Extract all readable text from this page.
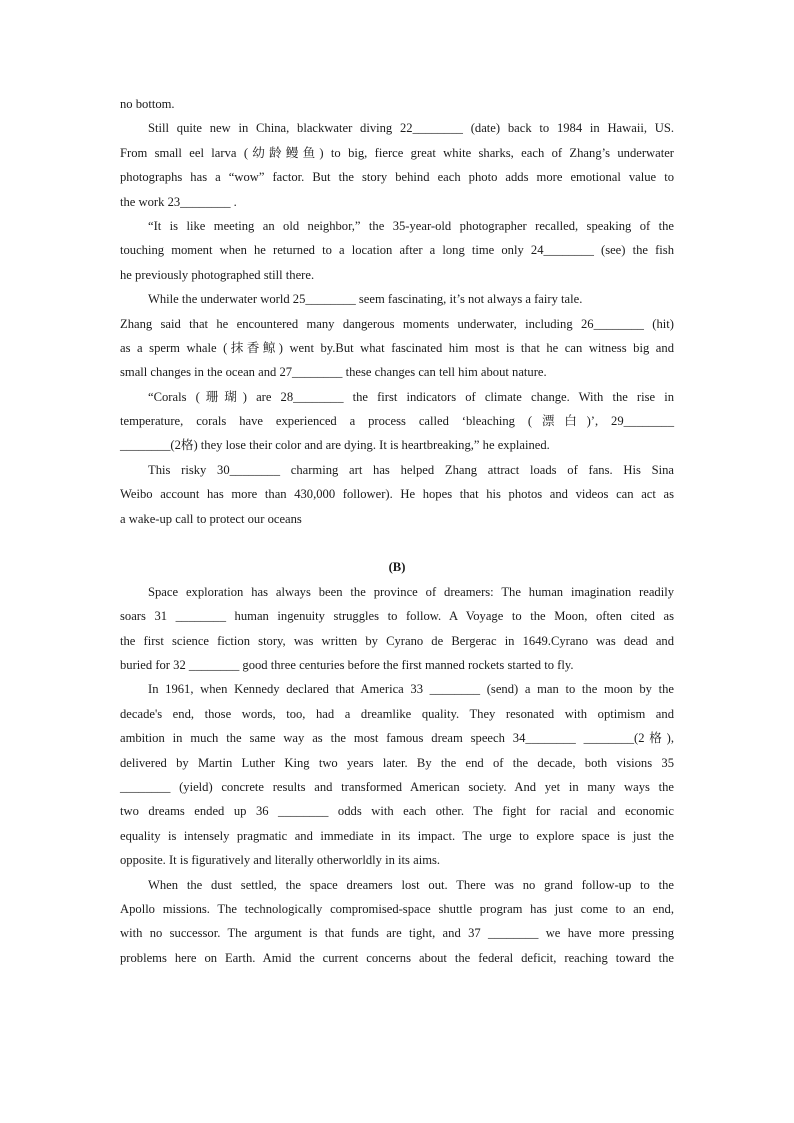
no bottom.
Still quite new in China, blackwater diving 22________ (date) back to 1984 in Hawaii, US.
From small eel larva (幼龄鳗鱼) to big, fierce great white sharks, each of Zhang’s underwater
photographs has a “wow” factor. But the story behind each photo adds more emotional value to
the work 23________ .
“It is like meeting an old neighbor,” the 35-year-old photographer recalled, speaking of the
touching moment when he returned to a location after a long time only 24________ (see) the fish
he previously photographed still there.
While the underwater world 25________ seem fascinating, it’s not always a fairy tale.
Zhang said that he encountered many dangerous moments underwater, including 26________ (hit)
as a sperm whale (抹香鲸) went by.But what fascinated him most is that he can witness big and
small changes in the ocean and 27________ these changes can tell him about nature.
“Corals (珊瑚) are 28________ the first indicators of climate change. With the rise in
temperature, corals have experienced a process called ‘bleaching (漂白)’, 29________
________(2格) they lose their color and are dying. It is heartbreaking,” he explained.
This risky 30________ charming art has helped Zhang attract loads of fans. His Sina
Weibo account has more than 430,000 follower). He hopes that his photos and videos can act as
a wake-up call to protect our oceans
(B)
Space exploration has always been the province of dreamers: The human imagination readily
soars 31 ________ human ingenuity struggles to follow. A Voyage to the Moon, often cited as
the first science fiction story, was written by Cyrano de Bergerac in 1649.Cyrano was dead and
buried for 32 ________ good three centuries before the first manned rockets started to fly.
In 1961, when Kennedy declared that America 33 ________ (send) a man to the moon by the
decade's end, those words, too, had a dreamlike quality. They resonated with optimism and
ambition in much the same way as the most famous dream speech 34________ ________(2格),
delivered by Martin Luther King two years later. By the end of the decade, both visions 35
________ (yield) concrete results and transformed American society. And yet in many ways the
two dreams ended up 36 ________ odds with each other. The fight for racial and economic
equality is intensely pragmatic and immediate in its impact. The urge to explore space is just the
opposite. It is figuratively and literally otherworldly in its aims.
When the dust settled, the space dreamers lost out. There was no grand follow-up to the
Apollo missions. The technologically compromised-space shuttle program has just come to an end,
with no successor. The argument is that funds are tight, and 37 ________ we have more pressing
problems here on Earth. Amid the current concerns about the federal deficit, reaching toward the
